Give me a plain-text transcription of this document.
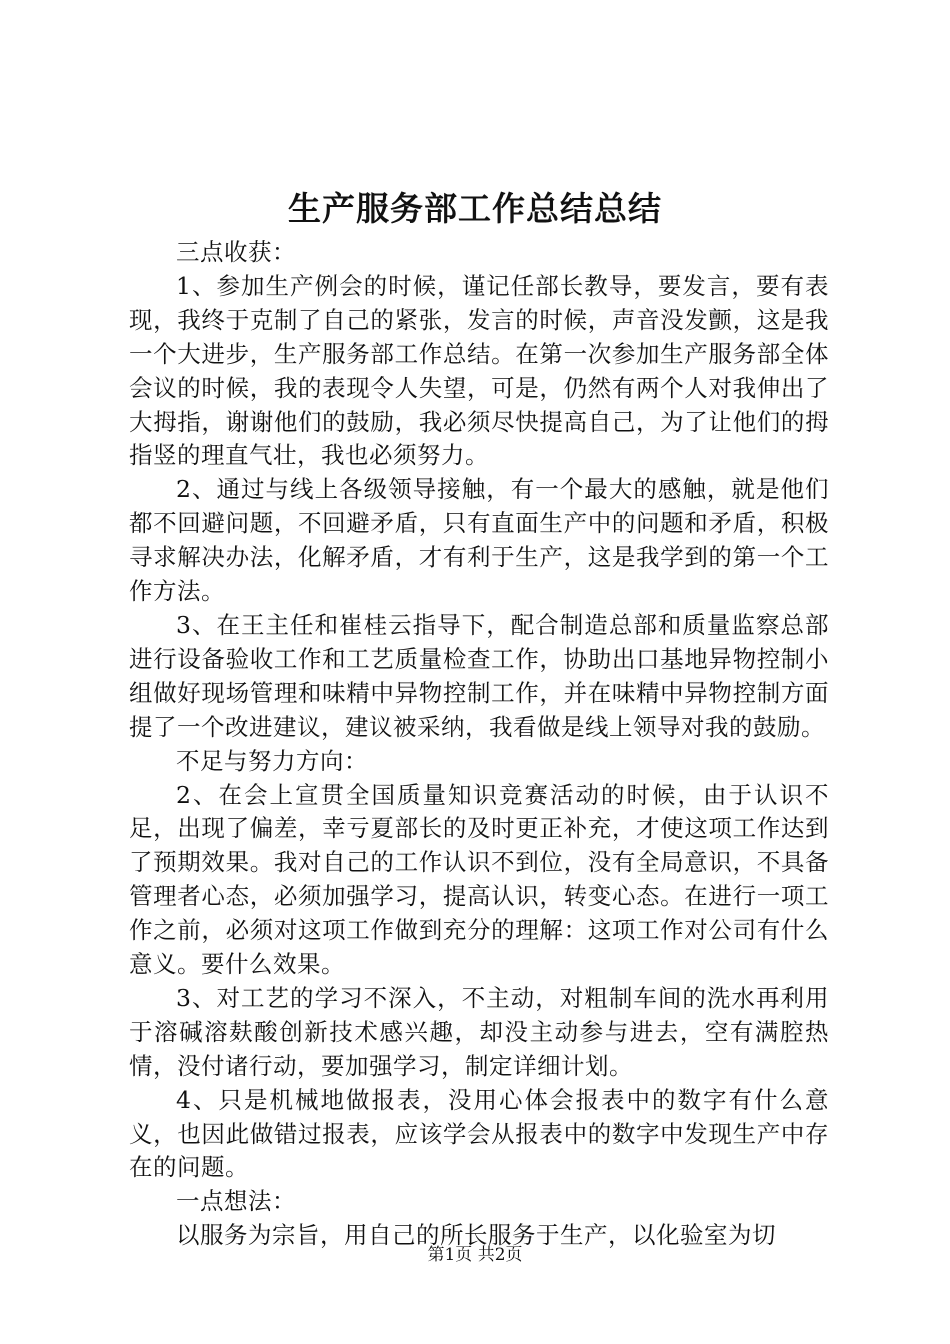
生产服务部工作总结总结

三点收获：

1、参加生产例会的时候，谨记任部长教导，要发言，要有表现，我终于克制了自己的紧张，发言的时候，声音没发颤，这是我一个大进步，生产服务部工作总结。在第一次参加生产服务部全体会议的时候，我的表现令人失望，可是，仍然有两个人对我伸出了大拇指，谢谢他们的鼓励，我必须尽快提高自己，为了让他们的拇指竖的理直气壮，我也必须努力。

2、通过与线上各级领导接触，有一个最大的感触，就是他们都不回避问题，不回避矛盾，只有直面生产中的问题和矛盾，积极寻求解决办法，化解矛盾，才有利于生产，这是我学到的第一个工作方法。

3、在王主任和崔桂云指导下，配合制造总部和质量监察总部进行设备验收工作和工艺质量检查工作，协助出口基地异物控制小组做好现场管理和味精中异物控制工作，并在味精中异物控制方面提了一个改进建议，建议被采纳，我看做是线上领导对我的鼓励。

不足与努力方向：

2、在会上宣贯全国质量知识竞赛活动的时候，由于认识不足，出现了偏差，幸亏夏部长的及时更正补充，才使这项工作达到了预期效果。我对自己的工作认识不到位，没有全局意识，不具备管理者心态，必须加强学习，提高认识，转变心态。在进行一项工作之前，必须对这项工作做到充分的理解：这项工作对公司有什么意义。要什么效果。

3、对工艺的学习不深入，不主动，对粗制车间的洗水再利用于溶碱溶麸酸创新技术感兴趣，却没主动参与进去，空有满腔热情，没付诸行动，要加强学习，制定详细计划。

4、只是机械地做报表，没用心体会报表中的数字有什么意义，也因此做错过报表，应该学会从报表中的数字中发现生产中存在的问题。

一点想法：

以服务为宗旨，用自己的所长服务于生产，以化验室为切

第1页 共2页
